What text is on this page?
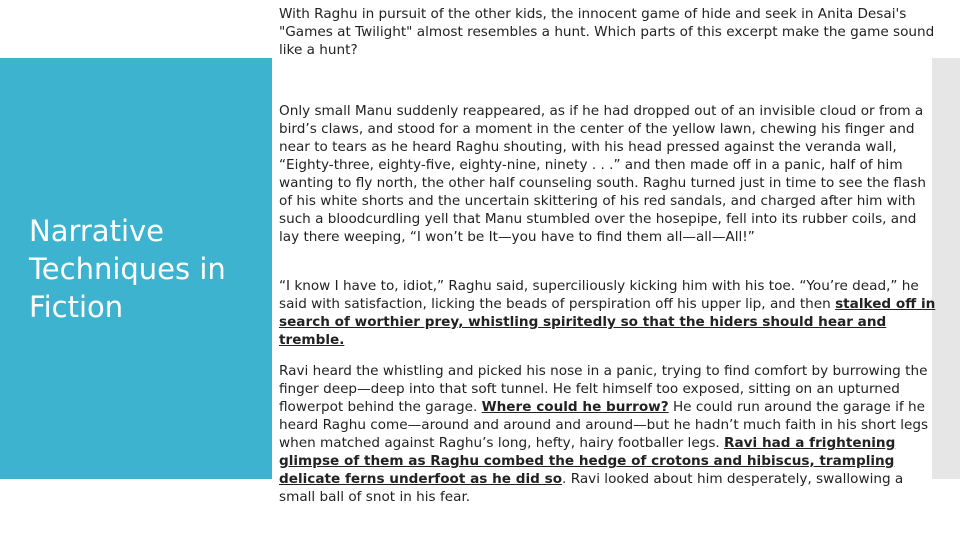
Narrative Techniques in Fiction

With Raghu in pursuit of the other kids, the innocent game of hide and seek in Anita Desai's "Games at Twilight" almost resembles a hunt. Which parts of this excerpt make the game sound like a hunt?

Only small Manu suddenly reappeared, as if he had dropped out of an invisible cloud or from a bird’s claws, and stood for a moment in the center of the yellow lawn, chewing his finger and near to tears as he heard Raghu shouting, with his head pressed against the veranda wall, “Eighty-three, eighty-five, eighty-nine, ninety . . .” and then made off in a panic, half of him wanting to fly north, the other half counseling south. Raghu turned just in time to see the flash of his white shorts and the uncertain skittering of his red sandals, and charged after him with such a bloodcurdling yell that Manu stumbled over the hosepipe, fell into its rubber coils, and lay there weeping, “I won’t be It—you have to find them all—all—All!”

“I know I have to, idiot,” Raghu said, superciliously kicking him with his toe. “You’re dead,” he said with satisfaction, licking the beads of perspiration off his upper lip, and then stalked off in search of worthier prey, whistling spiritedly so that the hiders should hear and tremble.

Ravi heard the whistling and picked his nose in a panic, trying to find comfort by burrowing the finger deep—deep into that soft tunnel. He felt himself too exposed, sitting on an upturned flowerpot behind the garage. Where could he burrow? He could run around the garage if he heard Raghu come—around and around and around—but he hadn’t much faith in his short legs when matched against Raghu’s long, hefty, hairy footballer legs. Ravi had a frightening glimpse of them as Raghu combed the hedge of crotons and hibiscus, trampling delicate ferns underfoot as he did so. Ravi looked about him desperately, swallowing a small ball of snot in his fear.
